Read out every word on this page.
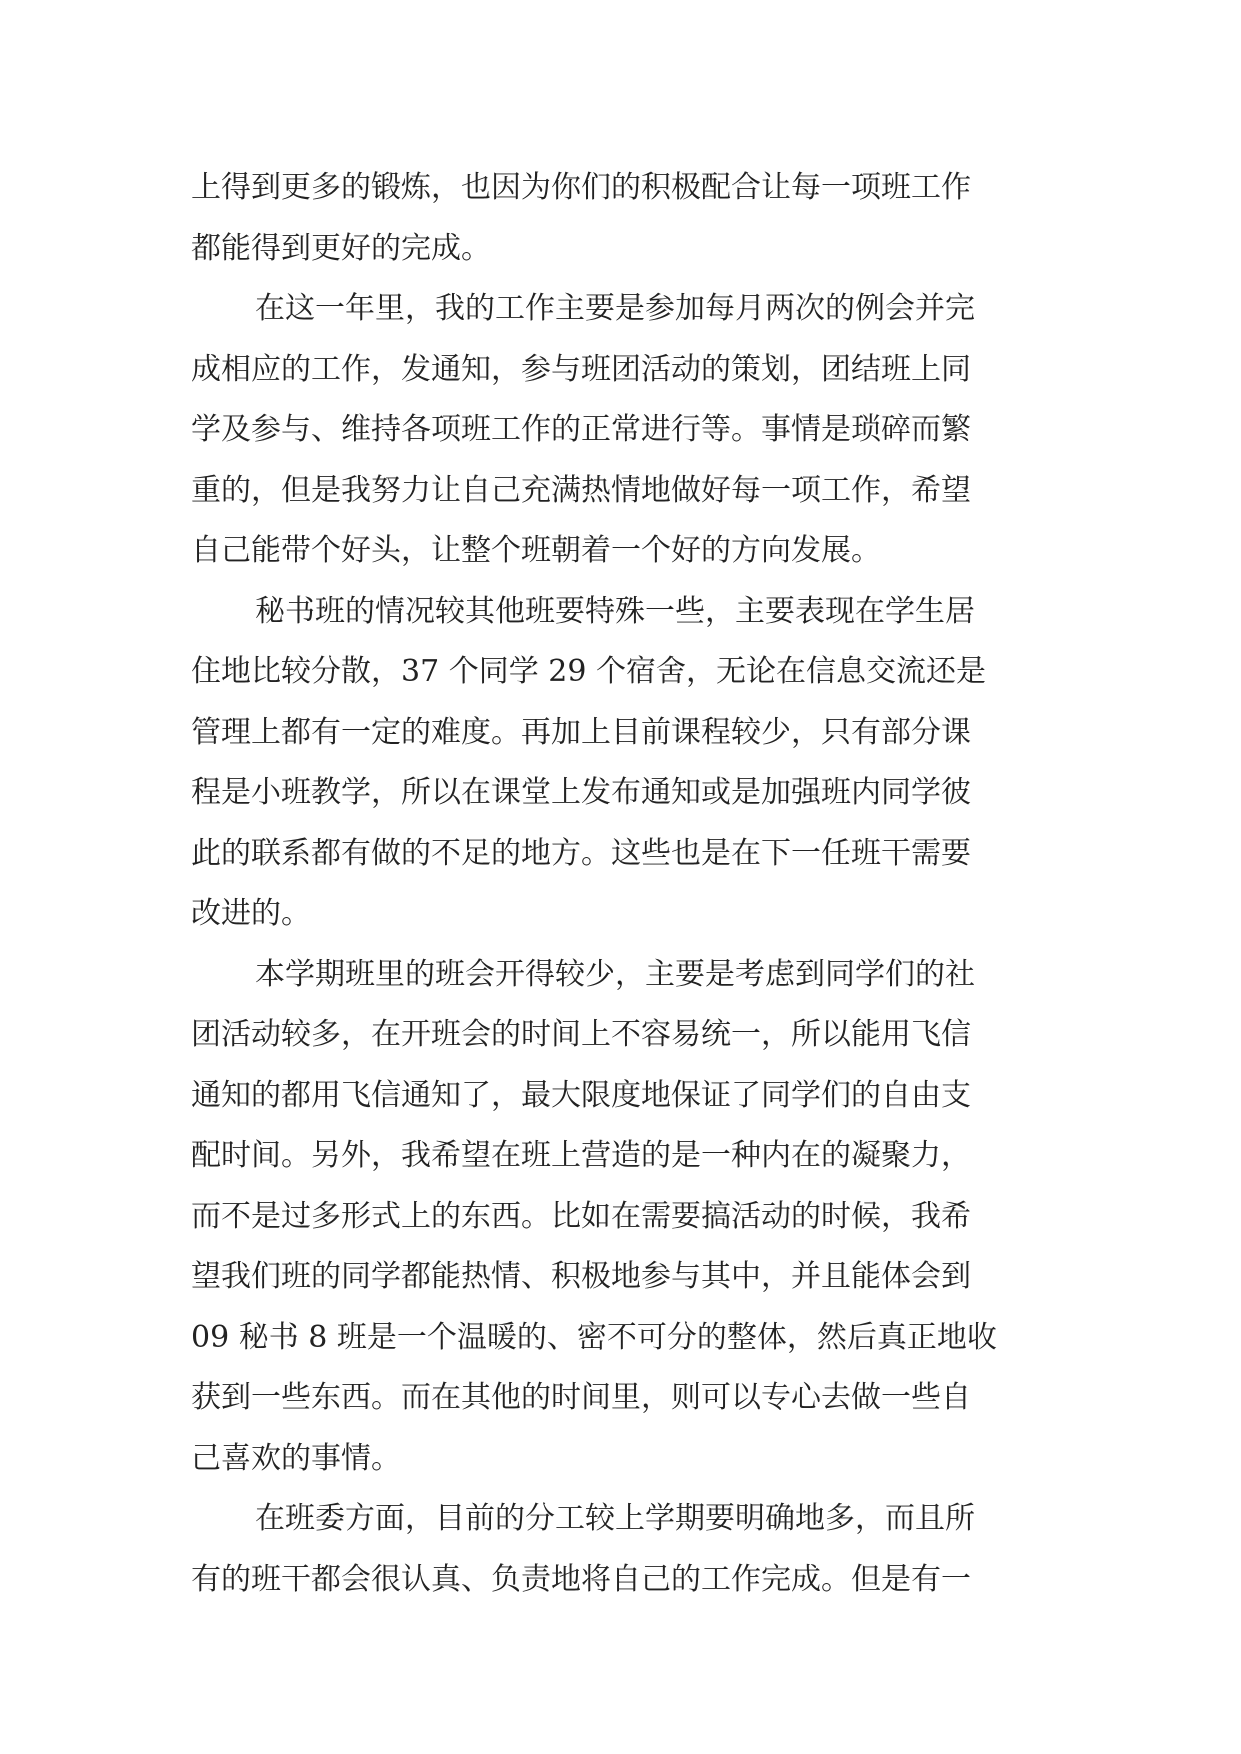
上得到更多的锻炼，也因为你们的积极配合让每一项班工作
都能得到更好的完成。
在这一年里，我的工作主要是参加每月两次的例会并完
成相应的工作，发通知，参与班团活动的策划，团结班上同
学及参与、维持各项班工作的正常进行等。事情是琐碎而繁
重的，但是我努力让自己充满热情地做好每一项工作，希望
自己能带个好头，让整个班朝着一个好的方向发展。
秘书班的情况较其他班要特殊一些，主要表现在学生居
住地比较分散，37 个同学 29 个宿舍，无论在信息交流还是
管理上都有一定的难度。再加上目前课程较少，只有部分课
程是小班教学，所以在课堂上发布通知或是加强班内同学彼
此的联系都有做的不足的地方。这些也是在下一任班干需要
改进的。
本学期班里的班会开得较少，主要是考虑到同学们的社
团活动较多，在开班会的时间上不容易统一，所以能用飞信
通知的都用飞信通知了，最大限度地保证了同学们的自由支
配时间。另外，我希望在班上营造的是一种内在的凝聚力，
而不是过多形式上的东西。比如在需要搞活动的时候，我希
望我们班的同学都能热情、积极地参与其中，并且能体会到
09 秘书 8 班是一个温暖的、密不可分的整体，然后真正地收
获到一些东西。而在其他的时间里，则可以专心去做一些自
己喜欢的事情。
在班委方面，目前的分工较上学期要明确地多，而且所
有的班干都会很认真、负责地将自己的工作完成。但是有一
